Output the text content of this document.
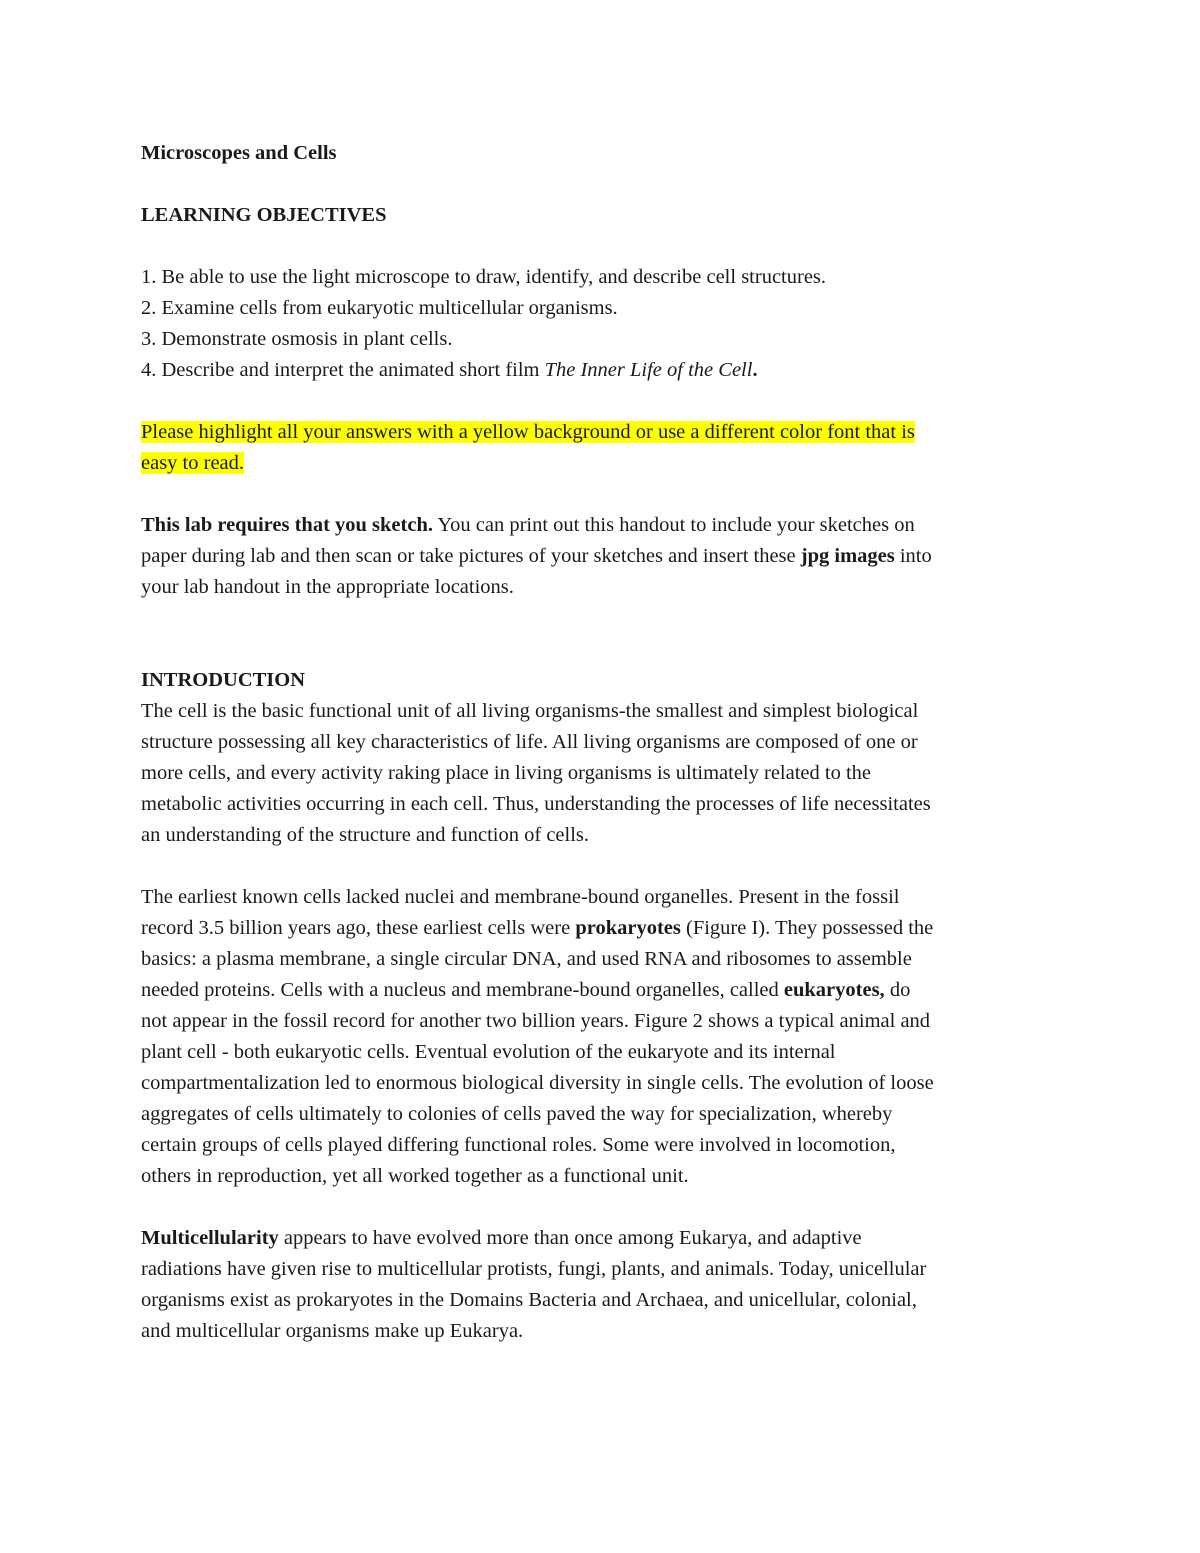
Microscopes and Cells
LEARNING OBJECTIVES
1. Be able to use the light microscope to draw, identify, and describe cell structures.
2. Examine cells from eukaryotic multicellular organisms.
3. Demonstrate osmosis in plant cells.
4. Describe and interpret the animated short film The Inner Life of the Cell.
Please highlight all your answers with a yellow background or use a different color font that is
easy to read.
This lab requires that you sketch. You can print out this handout to include your sketches on
paper during lab and then scan or take pictures of your sketches and insert these jpg images into
your lab handout in the appropriate locations.
INTRODUCTION
The cell is the basic functional unit of all living organisms-the smallest and simplest biological
structure possessing all key characteristics of life. All living organisms are composed of one or
more cells, and every activity raking place in living organisms is ultimately related to the
metabolic activities occurring in each cell. Thus, understanding the processes of life necessitates
an understanding of the structure and function of cells.
The earliest known cells lacked nuclei and membrane-bound organelles. Present in the fossil
record 3.5 billion years ago, these earliest cells were prokaryotes (Figure I). They possessed the
basics: a plasma membrane, a single circular DNA, and used RNA and ribosomes to assemble
needed proteins. Cells with a nucleus and membrane-bound organelles, called eukaryotes, do
not appear in the fossil record for another two billion years. Figure 2 shows a typical animal and
plant cell - both eukaryotic cells. Eventual evolution of the eukaryote and its internal
compartmentalization led to enormous biological diversity in single cells. The evolution of loose
aggregates of cells ultimately to colonies of cells paved the way for specialization, whereby
certain groups of cells played differing functional roles. Some were involved in locomotion,
others in reproduction, yet all worked together as a functional unit.
Multicellularity appears to have evolved more than once among Eukarya, and adaptive
radiations have given rise to multicellular protists, fungi, plants, and animals. Today, unicellular
organisms exist as prokaryotes in the Domains Bacteria and Archaea, and unicellular, colonial,
and multicellular organisms make up Eukarya.
